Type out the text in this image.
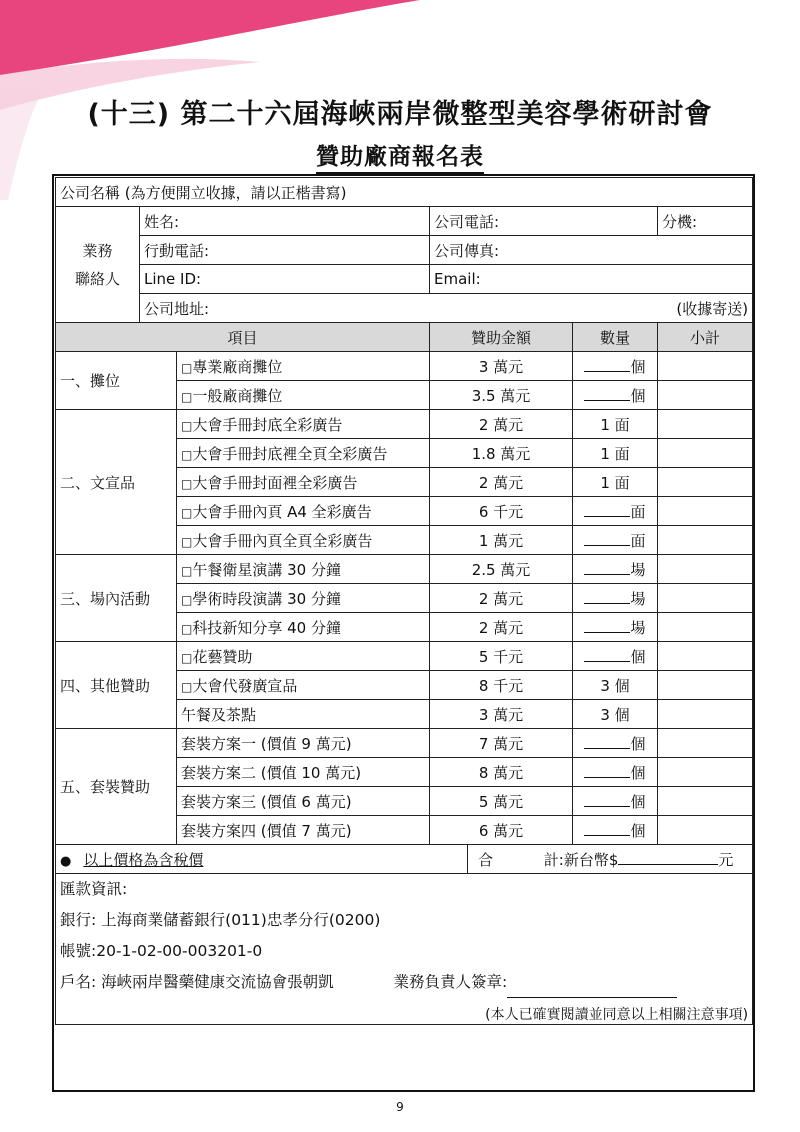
(十三) 第二十六屆海峽兩岸微整型美容學術研討會
贊助廠商報名表
公司名稱 (為方便開立收據，請以正楷書寫)						

業務
聯絡人	姓名:		公司電話:			分機:
	行動電話:		公司傳真:			
	Line ID:		Email:			
	公司地址: (收據寄送)					

項目			贊助金額		數量	小計
一、攤位		□專業廠商攤位	3 萬元		個	
		□一般廠商攤位	3.5 萬元		個	
二、文宣品		□大會手冊封底全彩廣告	2 萬元		1 面	
		□大會手冊封底裡全頁全彩廣告	1.8 萬元		1 面	
		□大會手冊封面裡全彩廣告	2 萬元		1 面	
		□大會手冊內頁 A4 全彩廣告	6 千元		面	
		□大會手冊內頁全頁全彩廣告	1 萬元		面	
三、場內活動		□午餐衛星演講 30 分鐘	2.5 萬元		場	
		□學術時段演講 30 分鐘	2 萬元		場	
		□科技新知分享 40 分鐘	2 萬元		場	
四、其他贊助		□花藝贊助	5 千元		個	
		□大會代發廣宣品	8 千元		3 個	
		午餐及茶點	3 萬元		3 個	
五、套裝贊助		套裝方案一 (價值 9 萬元)	7 萬元		個	
		套裝方案二 (價值 10 萬元)	8 萬元		個	
		套裝方案三 (價值 6 萬元)	5 萬元		個	
		套裝方案四 (價值 7 萬元)	6 萬元		個	
● 以上價格為含稅價				合 計:新台幣$ 元		

匯款資訊:
銀行: 上海商業儲蓄銀行(011)忠孝分行(0200)
帳號:20-1-02-00-003201-0
戶名: 海峽兩岸醫藥健康交流協會張朝凱 業務負責人簽章:
(本人已確實閱讀並同意以上相關注意事項)						
9
